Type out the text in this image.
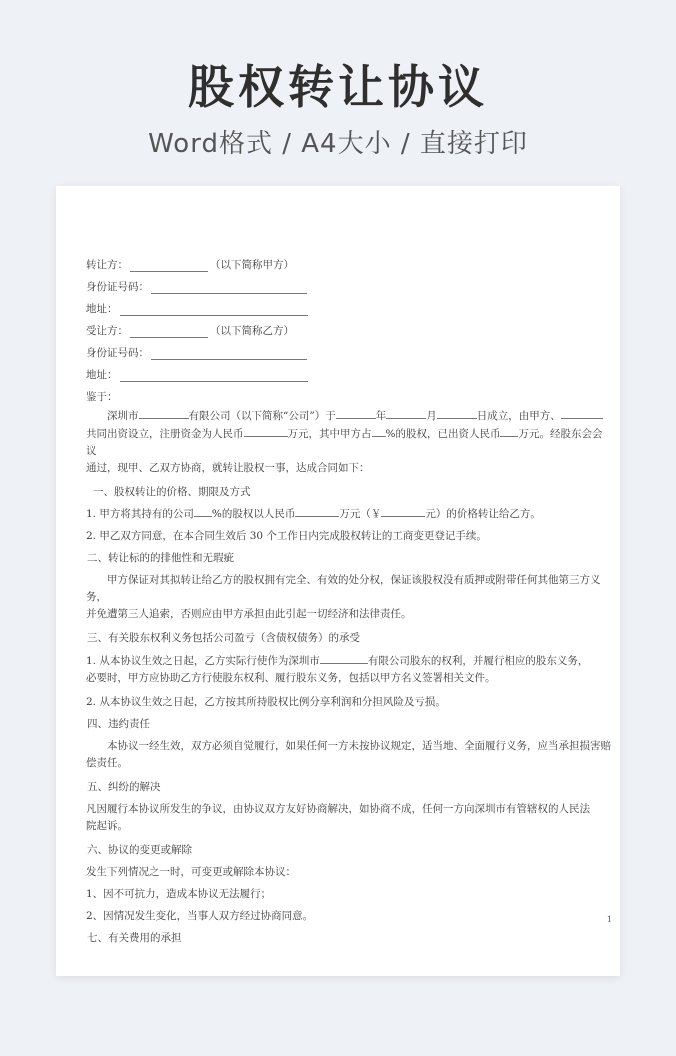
股权转让协议
Word格式 / A4大小 / 直接打印
转让方：	（以下简称甲方）
身份证号码：
地址：
受让方：	（以下简称乙方）
身份证号码：
地址：
鉴于：
深圳市	有限公司（以下简称“公司”）于	年	月	日成立，由甲方、
共同出资设立，注册资金为人民币	万元，其中甲方占 %的股权，已出资人民币 万元。经股东会会议
通过，现甲、乙双方协商，就转让股权一事，达成合同如下：
一、股权转让的价格、期限及方式
1. 甲方将其持有的公司 %的股权以人民币	万元（￥	元）的价格转让给乙方。
2. 甲乙双方同意，在本合同生效后 30 个工作日内完成股权转让的工商变更登记手续。
二、转让标的的排他性和无瑕疵
甲方保证对其拟转让给乙方的股权拥有完全、有效的处分权，保证该股权没有质押或附带任何其他第三方义务，
并免遭第三人追索，否则应由甲方承担由此引起一切经济和法律责任。
三、有关股东权利义务包括公司盈亏（含债权债务）的承受
1. 从本协议生效之日起，乙方实际行使作为深圳市	有限公司股东的权利，并履行相应的股东义务，
必要时，甲方应协助乙方行使股东权利、履行股东义务，包括以甲方名义签署相关文件。
2. 从本协议生效之日起，乙方按其所持股权比例分享利润和分担风险及亏损。
四、违约责任
本协议一经生效，双方必须自觉履行，如果任何一方未按协议规定，适当地、全面履行义务，应当承担损害赔
偿责任。
五、纠纷的解决
凡因履行本协议所发生的争议，由协议双方友好协商解决，如协商不成，任何一方向深圳市有管辖权的人民法
院起诉。
六、协议的变更或解除
发生下列情况之一时，可变更或解除本协议：
1、因不可抗力，造成本协议无法履行；
2、因情况发生变化，当事人双方经过协商同意。
七、有关费用的承担
1
